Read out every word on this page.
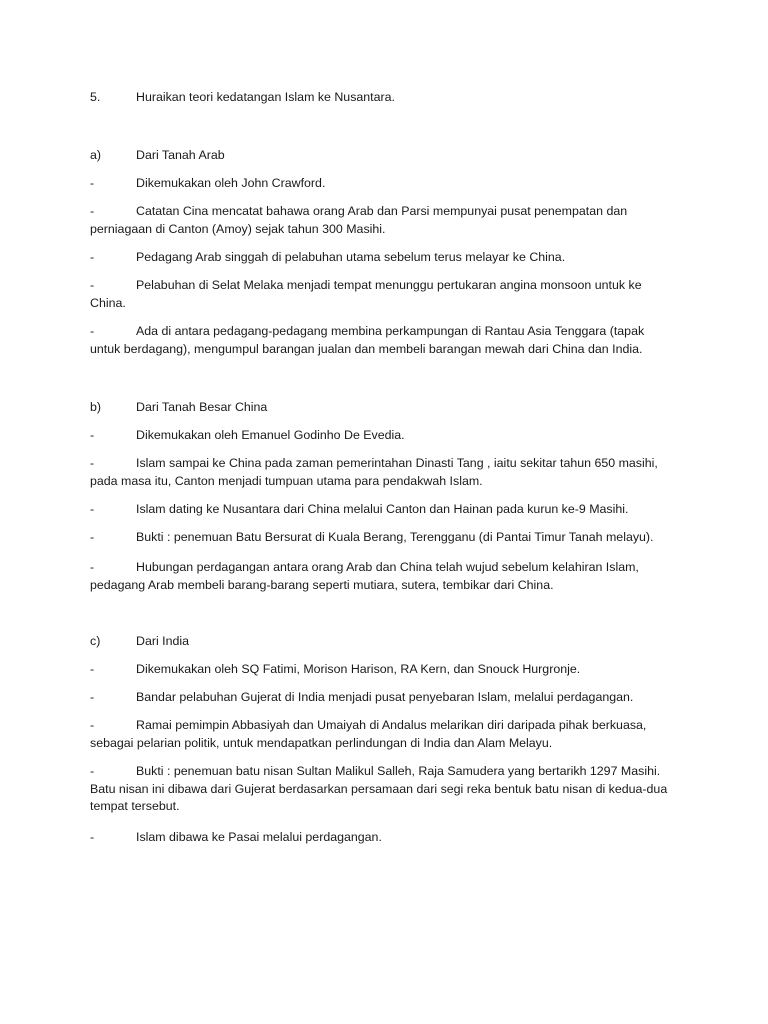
5.	Huraikan teori kedatangan Islam ke Nusantara.
a)	Dari Tanah Arab
-	Dikemukakan oleh John Crawford.
-	Catatan Cina mencatat bahawa orang Arab dan Parsi mempunyai pusat penempatan dan
perniagaan di Canton (Amoy) sejak tahun 300 Masihi.
-	Pedagang Arab singgah di pelabuhan utama sebelum terus melayar ke China.
-	Pelabuhan di Selat Melaka menjadi tempat menunggu pertukaran angina monsoon untuk ke
China.
-	Ada di antara pedagang-pedagang membina perkampungan di Rantau Asia Tenggara (tapak
untuk berdagang), mengumpul barangan jualan dan membeli barangan mewah dari China dan India.
b)	Dari Tanah Besar China
-	Dikemukakan oleh Emanuel Godinho De Evedia.
-	Islam sampai ke China pada zaman pemerintahan Dinasti Tang , iaitu sekitar tahun 650 masihi,
pada masa itu, Canton menjadi tumpuan utama para pendakwah Islam.
-	Islam dating ke Nusantara dari China melalui Canton dan Hainan pada kurun ke-9 Masihi.
-	Bukti : penemuan Batu Bersurat di Kuala Berang, Terengganu (di Pantai Timur Tanah melayu).
-	Hubungan perdagangan antara orang Arab dan China telah wujud sebelum kelahiran Islam,
pedagang Arab membeli barang-barang seperti mutiara, sutera, tembikar dari China.
c)	Dari India
-	Dikemukakan oleh SQ Fatimi, Morison Harison, RA Kern, dan Snouck Hurgronje.
-	Bandar pelabuhan Gujerat di India menjadi pusat penyebaran Islam, melalui perdagangan.
-	Ramai pemimpin Abbasiyah dan Umaiyah di Andalus melarikan diri daripada pihak berkuasa,
sebagai pelarian politik, untuk mendapatkan perlindungan di India dan Alam Melayu.
-	Bukti : penemuan batu nisan Sultan Malikul Salleh, Raja Samudera yang bertarikh 1297 Masihi.
Batu nisan ini dibawa dari Gujerat berdasarkan persamaan dari segi reka bentuk batu nisan di kedua-dua tempat tersebut.
-	Islam dibawa ke Pasai melalui perdagangan.
